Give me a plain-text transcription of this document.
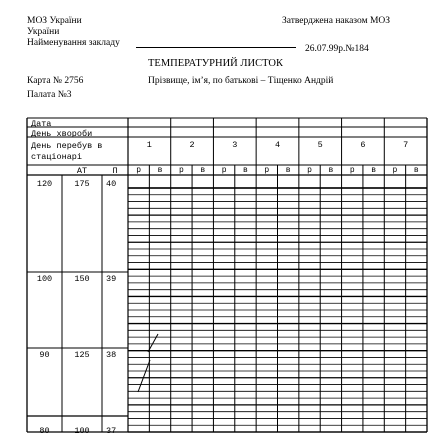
МОЗ України
України
Затверджена наказом МОЗ
Найменування закладу
26.07.99р.№184
ТЕМПЕРАТУРНИЙ ЛИСТОК
Карта № 2756	Прізвище, ім’я, по батькові – Тіщенко Андрій
Палата №3
Дата
День хвороби
День перебув в
стаціонарі
АТ	П
1	2	3	4	5	6	7
р в р в р в р в р в р в р в
120	175 40
100	150 39
90	125 38
80	100 37
